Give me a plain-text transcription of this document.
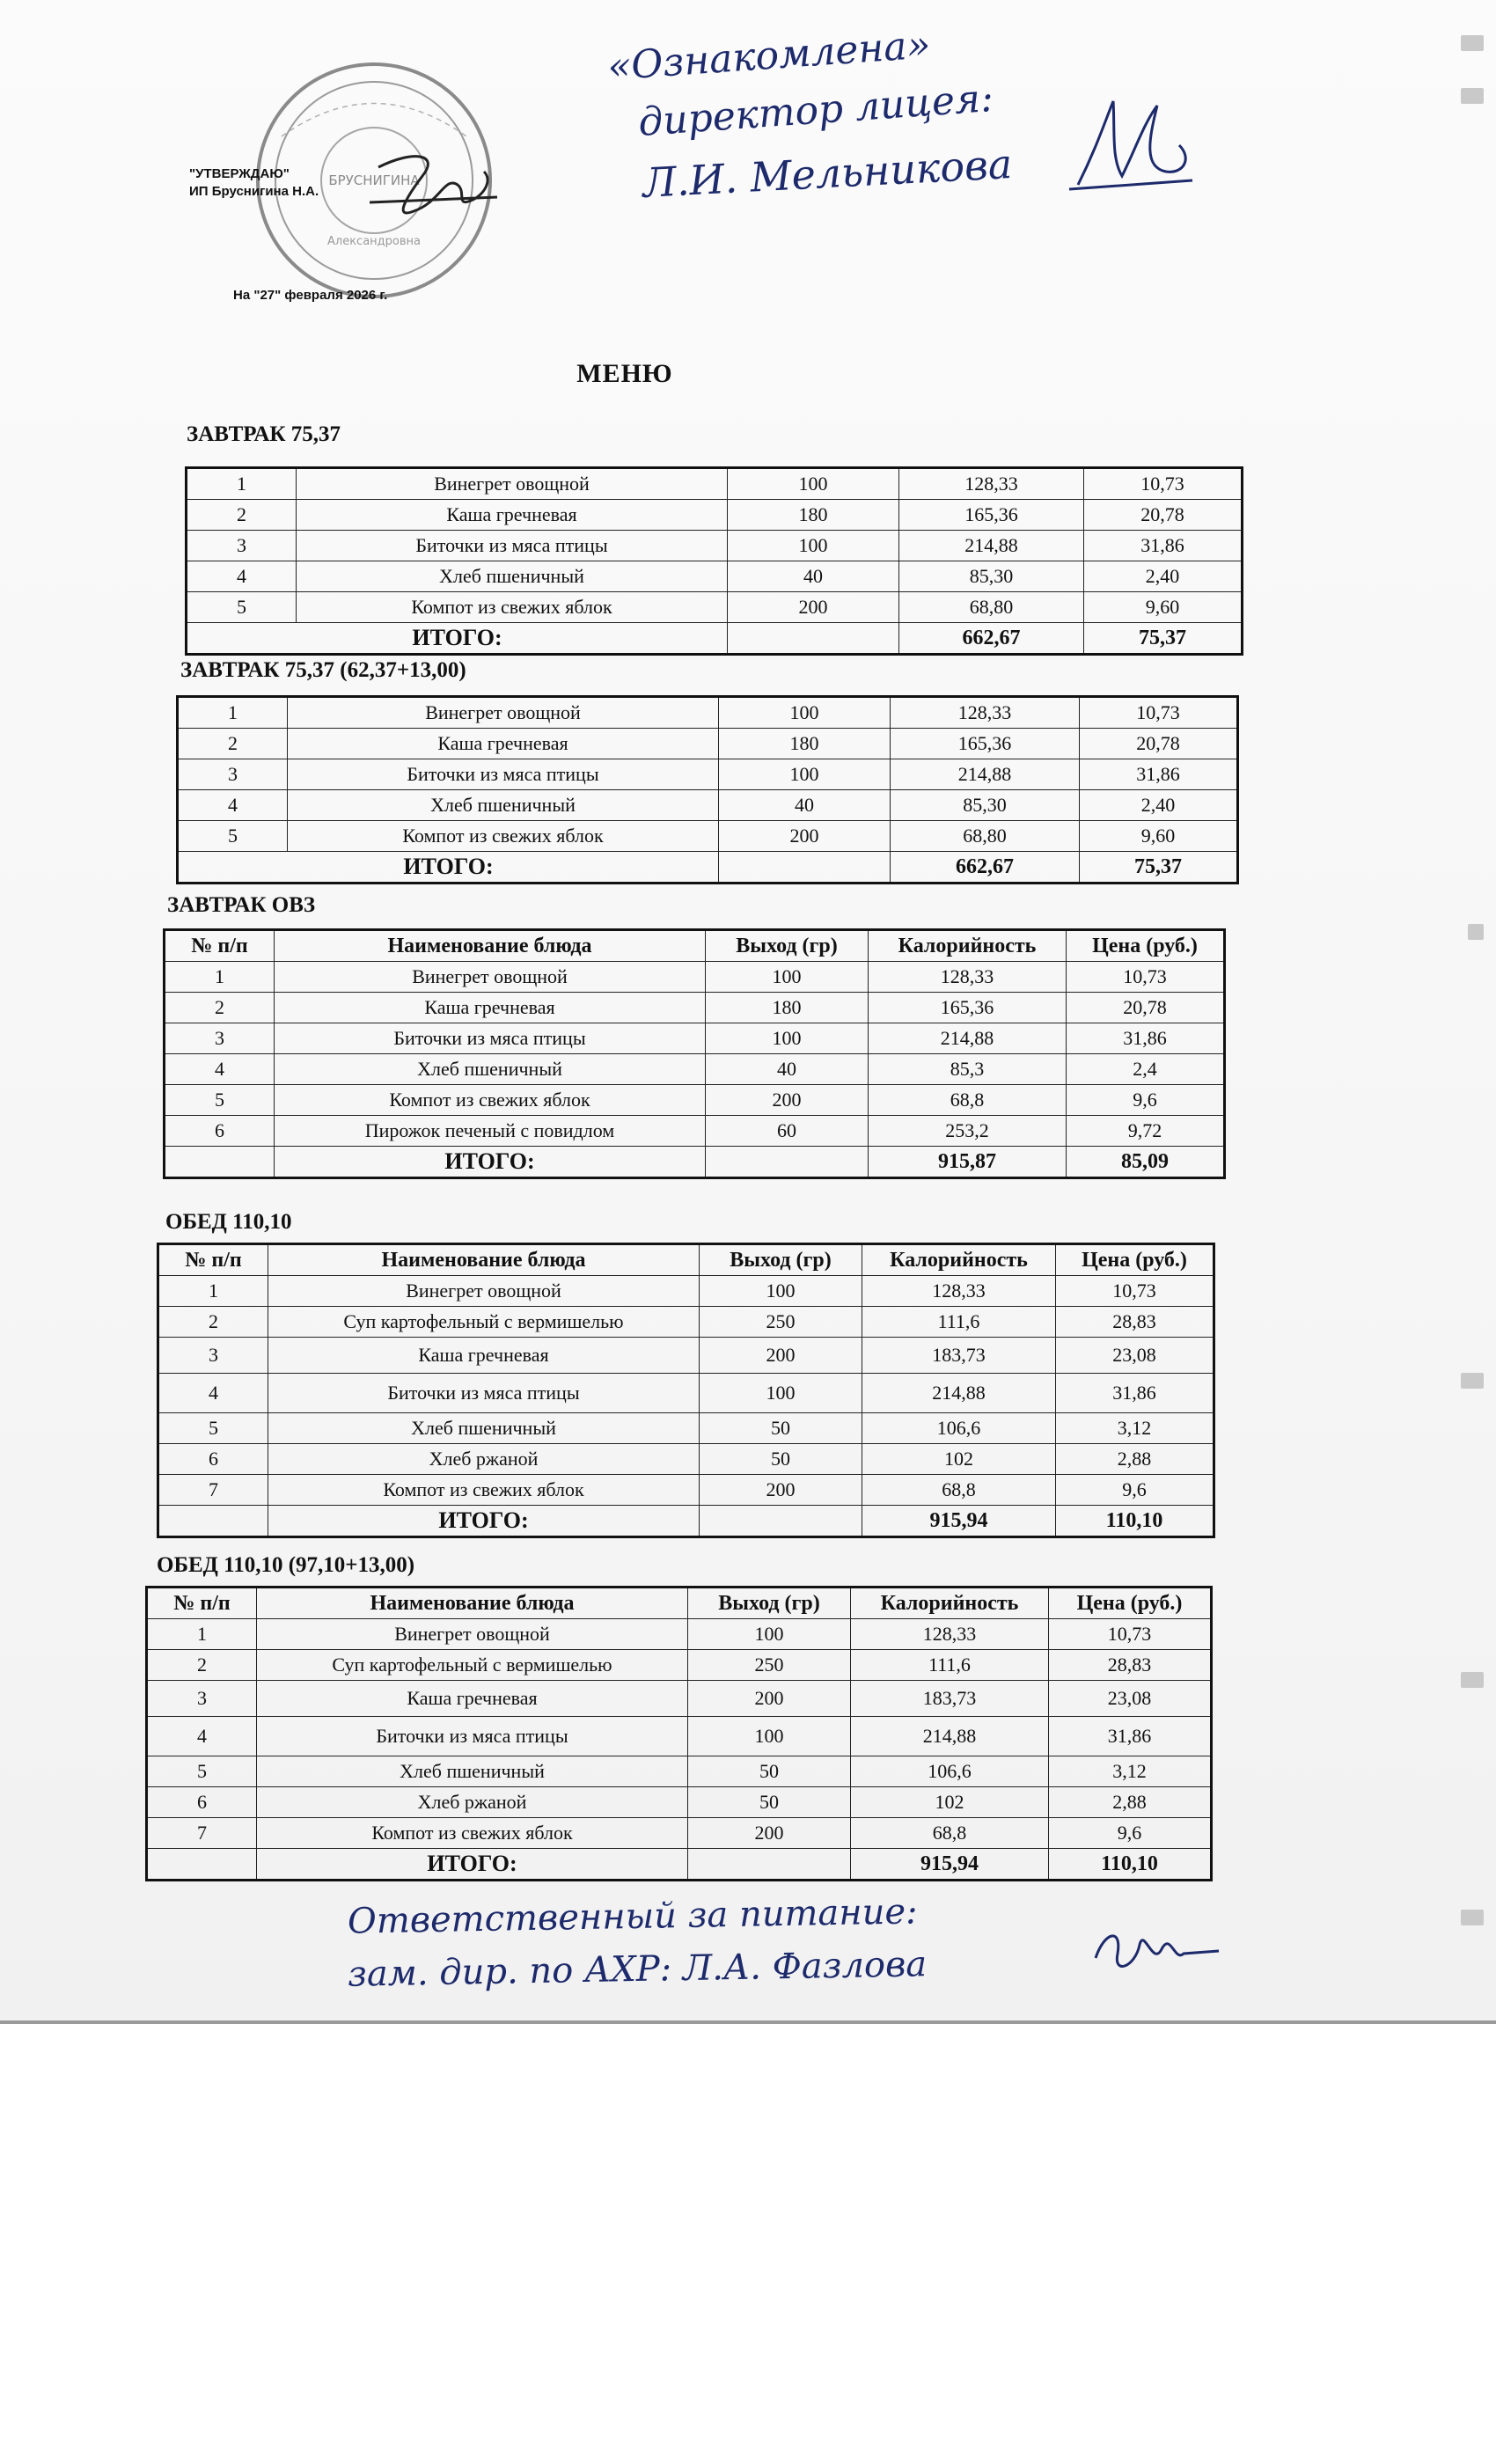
БРУСНИГИНА
Александровна
"УТВЕРЖДАЮ"
ИП Бруснигина Н.А.
На "27" февраля 2026 г.
«Ознакомлена»
директор лицея:
Л.И. Мельникова
МЕНЮ
ЗАВТРАК 75,37
1	Винегрет овощной	100	128,33	10,73
2	Каша гречневая	180	165,36	20,78
3	Биточки из мяса птицы	100	214,88	31,86
4	Хлеб пшеничный	40	85,30	2,40
5	Компот из свежих яблок	200	68,80	9,60
ИТОГО:			662,67	75,37
ЗАВТРАК 75,37 (62,37+13,00)
1	Винегрет овощной	100	128,33	10,73
2	Каша гречневая	180	165,36	20,78
3	Биточки из мяса птицы	100	214,88	31,86
4	Хлеб пшеничный	40	85,30	2,40
5	Компот из свежих яблок	200	68,80	9,60
ИТОГО:			662,67	75,37
ЗАВТРАК ОВЗ
№ п/п	Наименование блюда	Выход (гр)	Калорийность	Цена (руб.)
1	Винегрет овощной	100	128,33	10,73
2	Каша гречневая	180	165,36	20,78
3	Биточки из мяса птицы	100	214,88	31,86
4	Хлеб пшеничный	40	85,3	2,4
5	Компот из свежих яблок	200	68,8	9,6
6	Пирожок печеный с повидлом	60	253,2	9,72
	ИТОГО:		915,87	85,09
ОБЕД 110,10
№ п/п	Наименование блюда	Выход (гр)	Калорийность	Цена (руб.)
1	Винегрет овощной	100	128,33	10,73
2	Суп картофельный с вермишелью	250	111,6	28,83
3	Каша гречневая	200	183,73	23,08
4	Биточки из мяса птицы	100	214,88	31,86
5	Хлеб пшеничный	50	106,6	3,12
6	Хлеб ржаной	50	102	2,88
7	Компот из свежих яблок	200	68,8	9,6
	ИТОГО:		915,94	110,10
ОБЕД 110,10 (97,10+13,00)
№ п/п	Наименование блюда	Выход (гр)	Калорийность	Цена (руб.)
1	Винегрет овощной	100	128,33	10,73
2	Суп картофельный с вермишелью	250	111,6	28,83
3	Каша гречневая	200	183,73	23,08
4	Биточки из мяса птицы	100	214,88	31,86
5	Хлеб пшеничный	50	106,6	3,12
6	Хлеб ржаной	50	102	2,88
7	Компот из свежих яблок	200	68,8	9,6
	ИТОГО:		915,94	110,10
Ответственный за питание:
зам. дир. по АХР: Л.А. Фазлова
